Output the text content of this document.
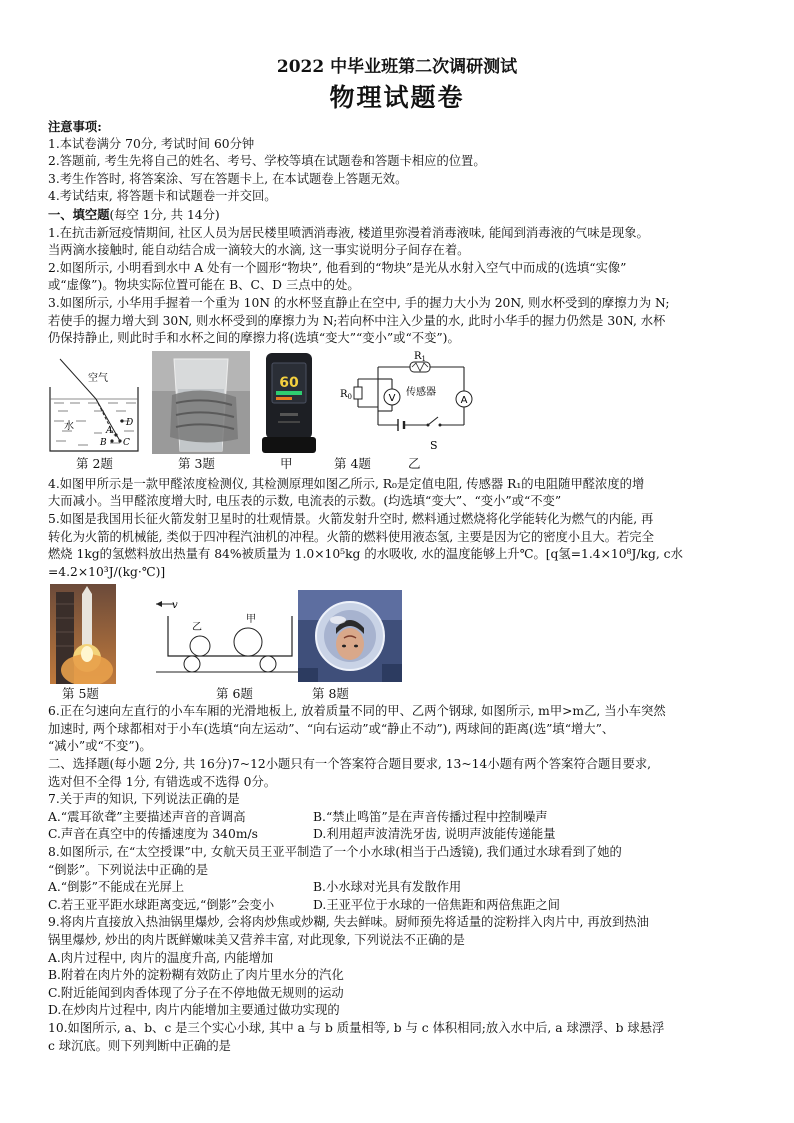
2022 中毕业班第二次调研测试
物理试题卷

注意事项:

1.本试卷满分 70分, 考试时间 60分钟

2.答题前, 考生先将自己的姓名、考号、学校等填在试题卷和答题卡相应的位置。

3.考生作答时, 将答案涂、写在答题卡上, 在本试题卷上答题无效。

4.考试结束, 将答题卡和试题卷一并交回。

一、填空题(每空 1分, 共 14分)

1.在抗击新冠疫情期间, 社区人员为居民楼里喷洒消毒液, 楼道里弥漫着消毒液味, 能闻到消毒液的气味是现象。

当两滴水接触时, 能自动结合成一滴较大的水滴, 这一事实说明分子间存在着。

2.如图所示, 小明看到水中 A 处有一个圆形“物块”, 他看到的“物块”是光从水射入空气中而成的(选填“实像”

或“虚像”)。物块实际位置可能在 B、C、D 三点中的处。

3.如图所示, 小华用手握着一个重为 10N 的水杯竖直静止在空中, 手的握力大小为 20N, 则水杯受到的摩擦力为 N;

若使手的握力增大到 30N, 则水杯受到的摩擦力为 N;若向杯中注入少量的水, 此时小华手的握力仍然是 30N, 水杯

仍保持静止, 则此时手和水杯之间的摩擦力将(选填“变大”“变小”或“不变”)。

空气
水	D
A
B C
第 2题	第 3题
60
甲
$R_1$
$R_0$	V	A
传感器
S
第 4题	乙

4.如图甲所示是一款甲醛浓度检测仪, 其检测原理如图乙所示, R₀是定值电阻, 传感器 R₁的电阻随甲醛浓度的增

大而减小。当甲醛浓度增大时, 电压表的示数, 电流表的示数。(均选填“变大”、“变小”或“不变”

5.如图是我国用长征火箭发射卫星时的壮观情景。火箭发射升空时, 燃料通过燃烧将化学能转化为燃气的内能, 再

转化为火箭的机械能, 类似于四冲程汽油机的冲程。火箭的燃料使用液态氢, 主要是因为它的密度小且大。若完全

燃烧 1kg的氢燃料放出热量有 84%被质量为 1.0×10⁵kg 的水吸收, 水的温度能够上升℃。[q氢=1.4×10⁸J/kg, c水

=4.2×10³J/(kg·℃)]

第 5题
v
乙
甲
第 6题	第 8题

6.正在匀速向左直行的小车车厢的光滑地板上, 放着质量不同的甲、乙两个钢球, 如图所示, m甲>m乙, 当小车突然

加速时, 两个球都相对于小车(选填“向左运动”、“向右运动”或“静止不动”), 两球间的距离(选”填“增大”、

“减小”或“不变”)。

二、选择题(每小题 2分, 共 16分)7~12小题只有一个答案符合题目要求, 13~14小题有两个答案符合题目要求,

选对但不全得 1分, 有错选或不选得 0分。

7.关于声的知识, 下列说法正确的是

A.“震耳欲聋”主要描述声音的音调高	B.“禁止鸣笛”是在声音传播过程中控制噪声

C.声音在真空中的传播速度为 340m/s	D.利用超声波清洗牙齿, 说明声波能传递能量

8.如图所示, 在“太空授课”中, 女航天员王亚平制造了一个小水球(相当于凸透镜), 我们通过水球看到了她的

“倒影”。下列说法中正确的是

A.“倒影”不能成在光屏上	B.小水球对光具有发散作用

C.若王亚平距水球距离变远,“倒影”会变小	D.王亚平位于水球的一倍焦距和两倍焦距之间

9.将肉片直接放入热油锅里爆炒, 会将肉炒焦或炒糊, 失去鲜味。厨师预先将适量的淀粉拌入肉片中, 再放到热油

锅里爆炒, 炒出的肉片既鲜嫩味美又营养丰富, 对此现象, 下列说法不正确的是

A.肉片过程中, 肉片的温度升高, 内能增加

B.附着在肉片外的淀粉糊有效防止了肉片里水分的汽化

C.附近能闻到肉香体现了分子在不停地做无规则的运动

D.在炒肉片过程中, 肉片内能增加主要通过做功实现的

10.如图所示, a、b、c 是三个实心小球, 其中 a 与 b 质量相等, b 与 c 体积相同;放入水中后, a 球漂浮、b 球悬浮

c 球沉底。则下列判断中正确的是
